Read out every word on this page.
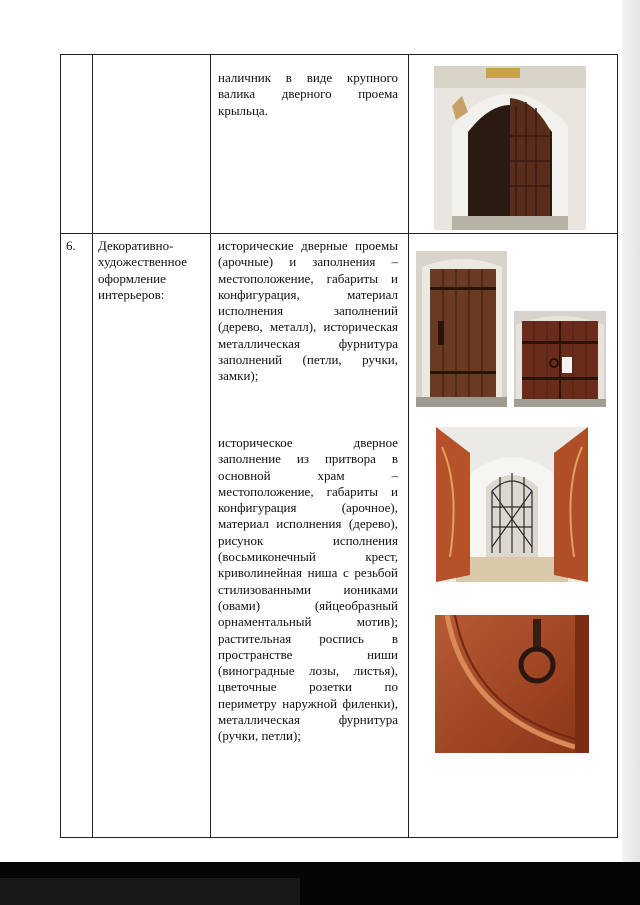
наличник в виде крупного валика дверного проема крыльца.
6. Декоративно-художественное оформление интерьеров:
исторические дверные проемы (арочные) и заполнения – местоположение, габариты и конфигурация, материал исполнения заполнений (дерево, металл), историческая металлическая фурнитура заполнений (петли, ручки, замки);
историческое дверное заполнение из притвора в основной храм – местоположение, габариты и конфигурация (арочное), материал исполнения (дерево), рисунок исполнения (восьмиконечный крест, криволинейная ниша с резьбой стилизованными иониками (овами) (яйцеобразный орнаментальный мотив); растительная роспись в пространстве ниши (виноградные лозы, листья), цветочные розетки по периметру наружной филенки), металлическая фурнитура (ручки, петли);
